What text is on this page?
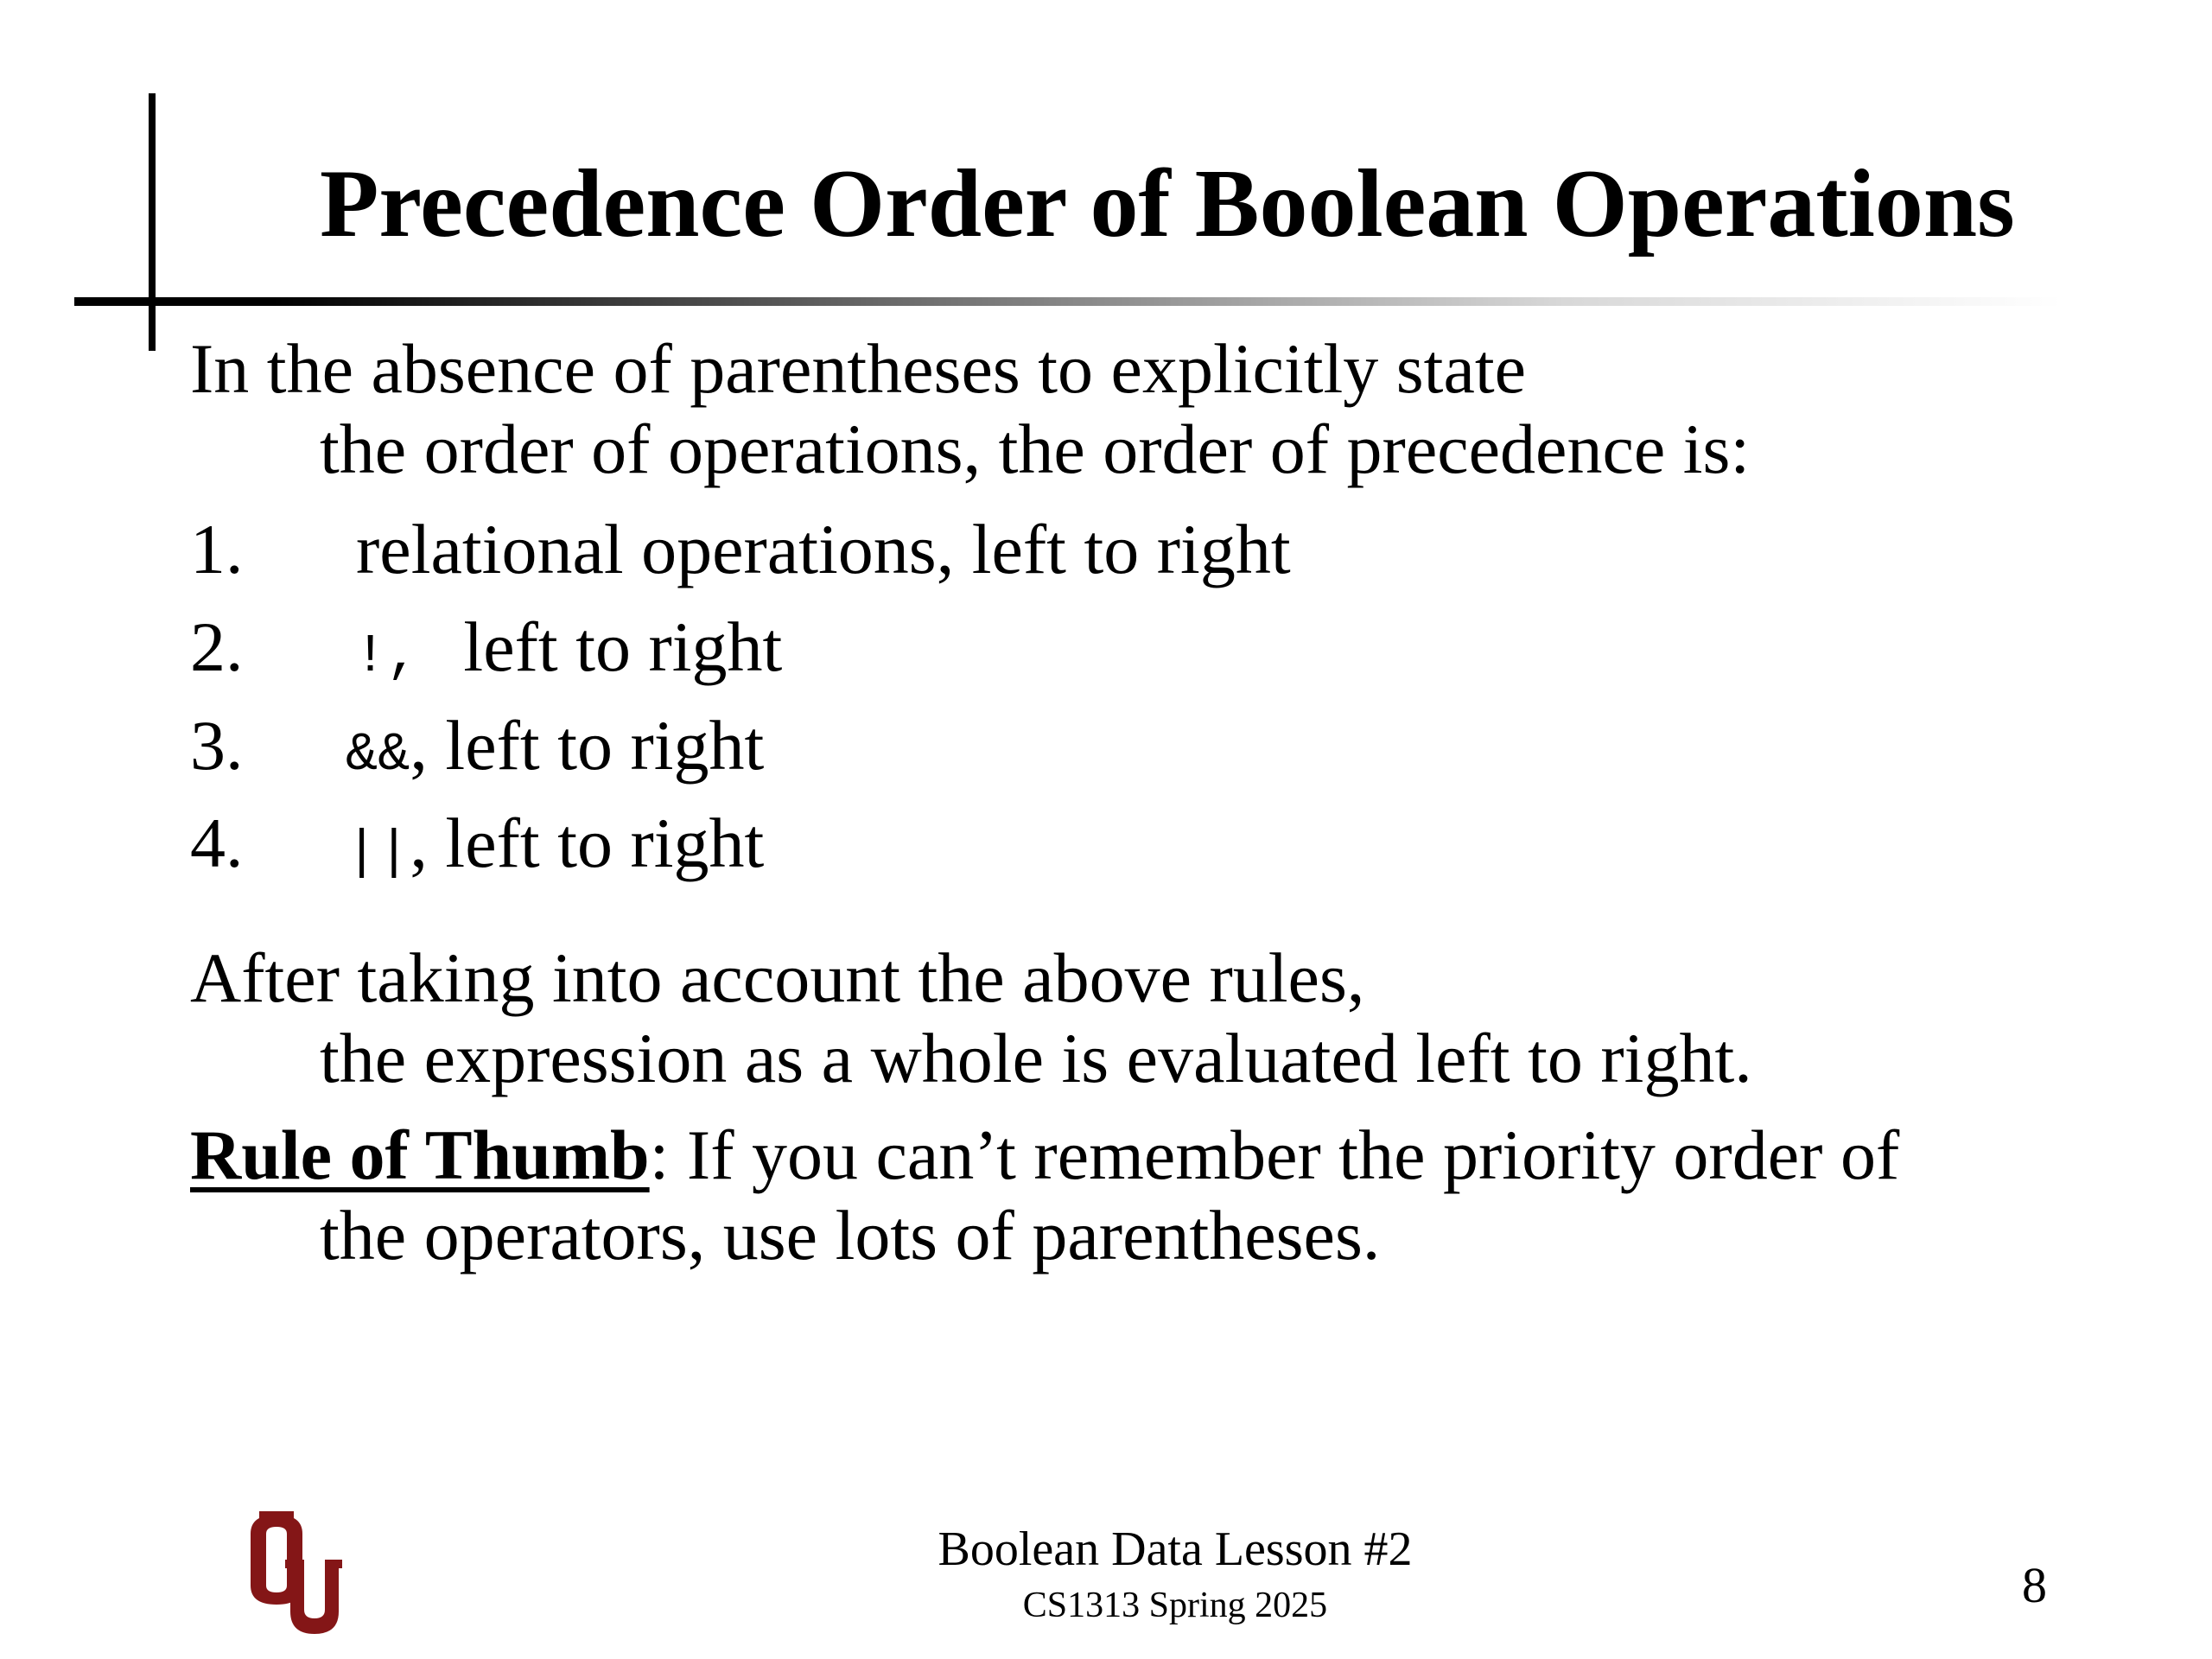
Precedence Order of Boolean Operations
In the absence of parentheses to explicitly state
the order of operations, the order of precedence is:
1. relational operations, left to right
2. !, left to right
3. &&, left to right
4. ||, left to right
After taking into account the above rules,
the expression as a whole is evaluated left to right.
Rule of Thumb: If you can’t remember the priority order of
the operators, use lots of parentheses.
Boolean Data Lesson #2
CS1313 Spring 2025	8
